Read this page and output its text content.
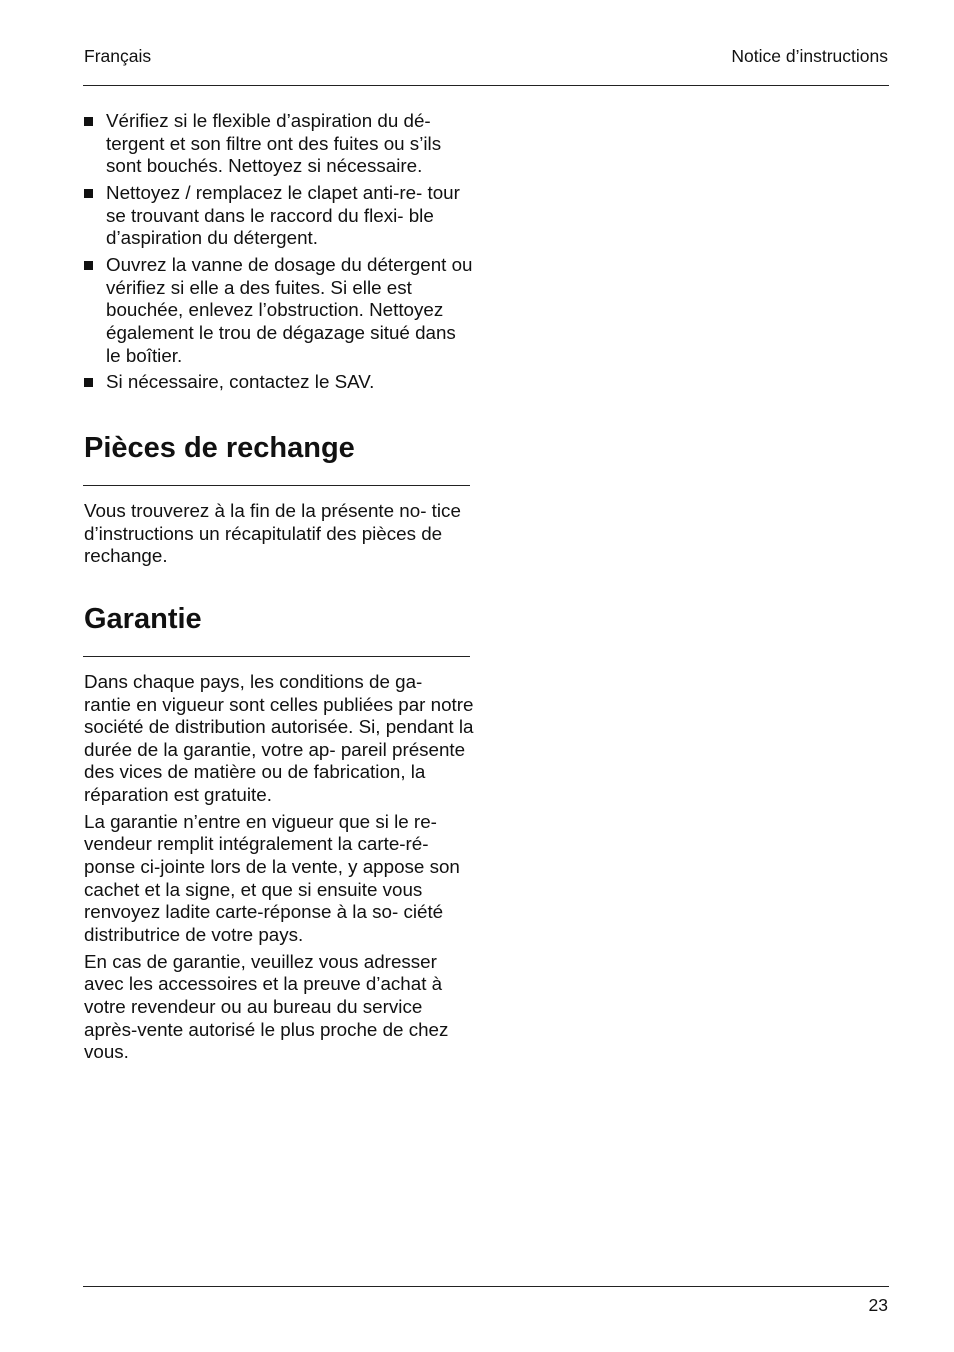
Français	Notice d’instructions
Vérifiez si le flexible d’aspiration du dé- tergent et son filtre ont des fuites ou s’ils sont bouchés. Nettoyez si nécessaire.
Nettoyez / remplacez le clapet anti-re- tour se trouvant dans le raccord du flexi- ble d’aspiration du détergent.
Ouvrez la vanne de dosage du détergent ou vérifiez si elle a des fuites. Si elle est bouchée, enlevez l’obstruction. Nettoyez également le trou de dégazage situé dans le boîtier.
Si nécessaire, contactez le SAV.
Pièces de rechange

Vous trouverez à la fin de la présente no- tice d’instructions un récapitulatif des pièces de rechange.

Garantie

Dans chaque pays, les conditions de ga- rantie en vigueur sont celles publiées par notre société de distribution autorisée. Si, pendant la durée de la garantie, votre ap- pareil présente des vices de matière ou de fabrication, la réparation est gratuite.

La garantie n’entre en vigueur que si le re- vendeur remplit intégralement la carte-ré- ponse ci-jointe lors de la vente, y appose son cachet et la signe, et que si ensuite vous renvoyez ladite carte-réponse à la so- ciété distributrice de votre pays.

En cas de garantie, veuillez vous adresser avec les accessoires et la preuve d’achat à votre revendeur ou au bureau du service après-vente autorisé le plus proche de chez vous.

23
